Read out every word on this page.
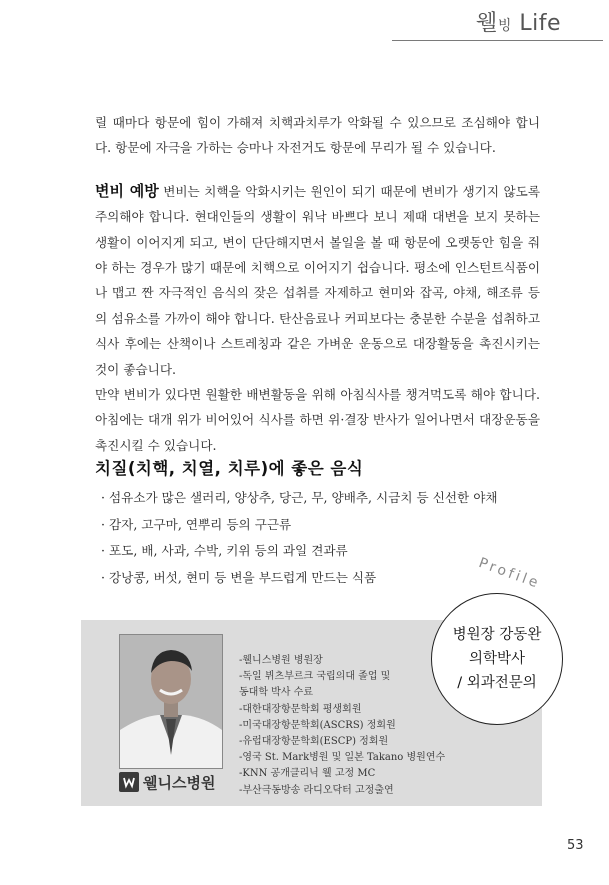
웰빙 Life

릴 때마다 항문에 힘이 가해져 치핵과치루가 악화될 수 있으므로 조심해야 합니다. 항문에 자극을 가하는 승마나 자전거도 항문에 무리가 될 수 있습니다.

변비 예방 변비는 치핵을 악화시키는 원인이 되기 때문에 변비가 생기지 않도록 주의해야 합니다. 현대인들의 생활이 워낙 바쁘다 보니 제때 대변을 보지 못하는 생활이 이어지게 되고, 변이 단단해지면서 볼일을 볼 때 항문에 오랫동안 힘을 줘야 하는 경우가 많기 때문에 치핵으로 이어지기 쉽습니다. 평소에 인스턴트식품이나 맵고 짠 자극적인 음식의 잦은 섭취를 자제하고 현미와 잡곡, 야채, 해조류 등의 섬유소를 가까이 해야 합니다. 탄산음료나 커피보다는 충분한 수분을 섭취하고 식사 후에는 산책이나 스트레칭과 같은 가벼운 운동으로 대장활동을 촉진시키는 것이 좋습니다.

만약 변비가 있다면 원활한 배변활동을 위해 아침식사를 챙겨먹도록 해야 합니다. 아침에는 대개 위가 비어있어 식사를 하면 위·결장 반사가 일어나면서 대장운동을 촉진시킬 수 있습니다.

치질(치핵, 치열, 치루)에 좋은 음식
· 섬유소가 많은 샐러리, 양상추, 당근, 무, 양배추, 시금치 등 신선한 야채
· 감자, 고구마, 연뿌리 등의 구근류
· 포도, 배, 사과, 수박, 키위 등의 과일 견과류
· 강낭콩, 버섯, 현미 등 변을 부드럽게 만드는 식품
웰니스병원
-웰니스병원 병원장
-독일 뷔츠부르크 국립의대 졸업 및
동대학 박사 수료
-대한대장항문학회 평생회원
-미국대장항문학회(ASCRS) 정회원
-유럽대장항문학회(ESCP) 정회원
-영국 St. Mark병원 및 일본 Takano 병원연수
-KNN 공개클리닉 웰 고정 MC
-부산극동방송 라디오닥터 고정출연
Profile
병원장 강동완
의학박사
/ 외과전문의
53
